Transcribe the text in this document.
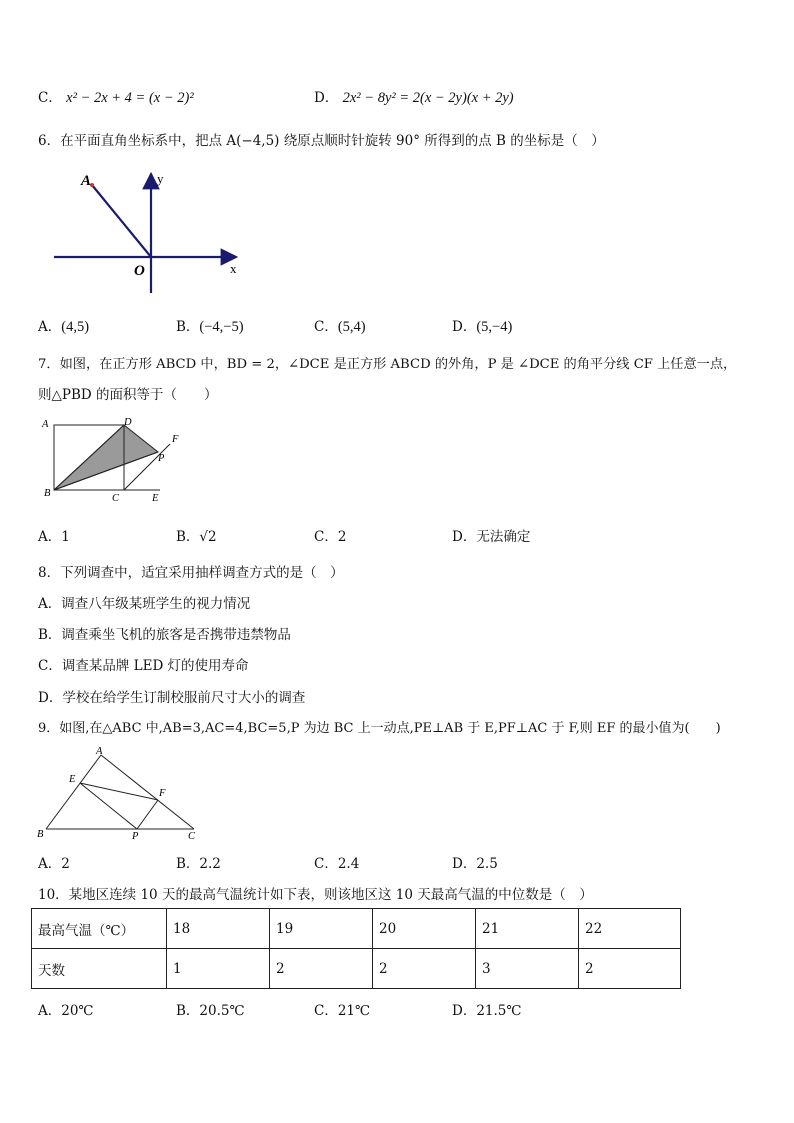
C． x² − 2x + 4 = (x − 2)²	D． 2x² − 8y² = 2(x − 2y)(x + 2y)
6．在平面直角坐标系中，把点 A(−4,5) 绕原点顺时针旋转 90° 所得到的点 B 的坐标是（　）
A	y
O	x
A．(4,5)	B．(−4,−5)	C．(5,4)	D．(5,−4)
7．如图，在正方形 ABCD 中，BD = 2，∠DCE 是正方形 ABCD 的外角，P 是 ∠DCE 的角平分线 CF 上任意一点，
则△PBD 的面积等于（　　）
A	D
F
P
B	C	E
A．1	B．√2	C．2	D．无法确定
8．下列调查中，适宜采用抽样调查方式的是（　）
A．调查八年级某班学生的视力情况
B．调查乘坐飞机的旅客是否携带违禁物品
C．调查某品牌 LED 灯的使用寿命
D．学校在给学生订制校服前尺寸大小的调查
9．如图,在△ABC 中,AB=3,AC=4,BC=5,P 为边 BC 上一动点,PE⊥AB 于 E,PF⊥AC 于 F,则 EF 的最小值为(　　)
A
E
F
B	P	C
A．2	B．2.2	C．2.4	D．2.5
10．某地区连续 10 天的最高气温统计如下表，则该地区这 10 天最高气温的中位数是（　）
最高气温（℃）	18	19	20	21	22
天数	1	2	2	3	2
A．20℃	B．20.5℃	C．21℃	D．21.5℃
